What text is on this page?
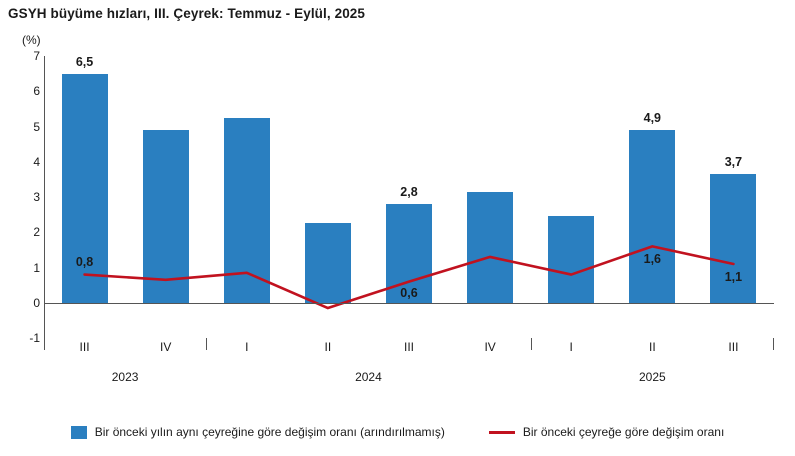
GSYH büyüme hızları, III. Çeyrek: Temmuz - Eylül, 2025
(%)
-1
0
1
2
3
4
5
6
7	6,5
2,8
4,9
3,7
0,8
0,6
1,6
1,1
III	IV	I	II	III	IV	I	II	III
2023	2024	2025
Bir önceki yılın aynı çeyreğine göre değişim oranı (arındırılmamış)	Bir önceki çeyreğe göre değişim oranı
